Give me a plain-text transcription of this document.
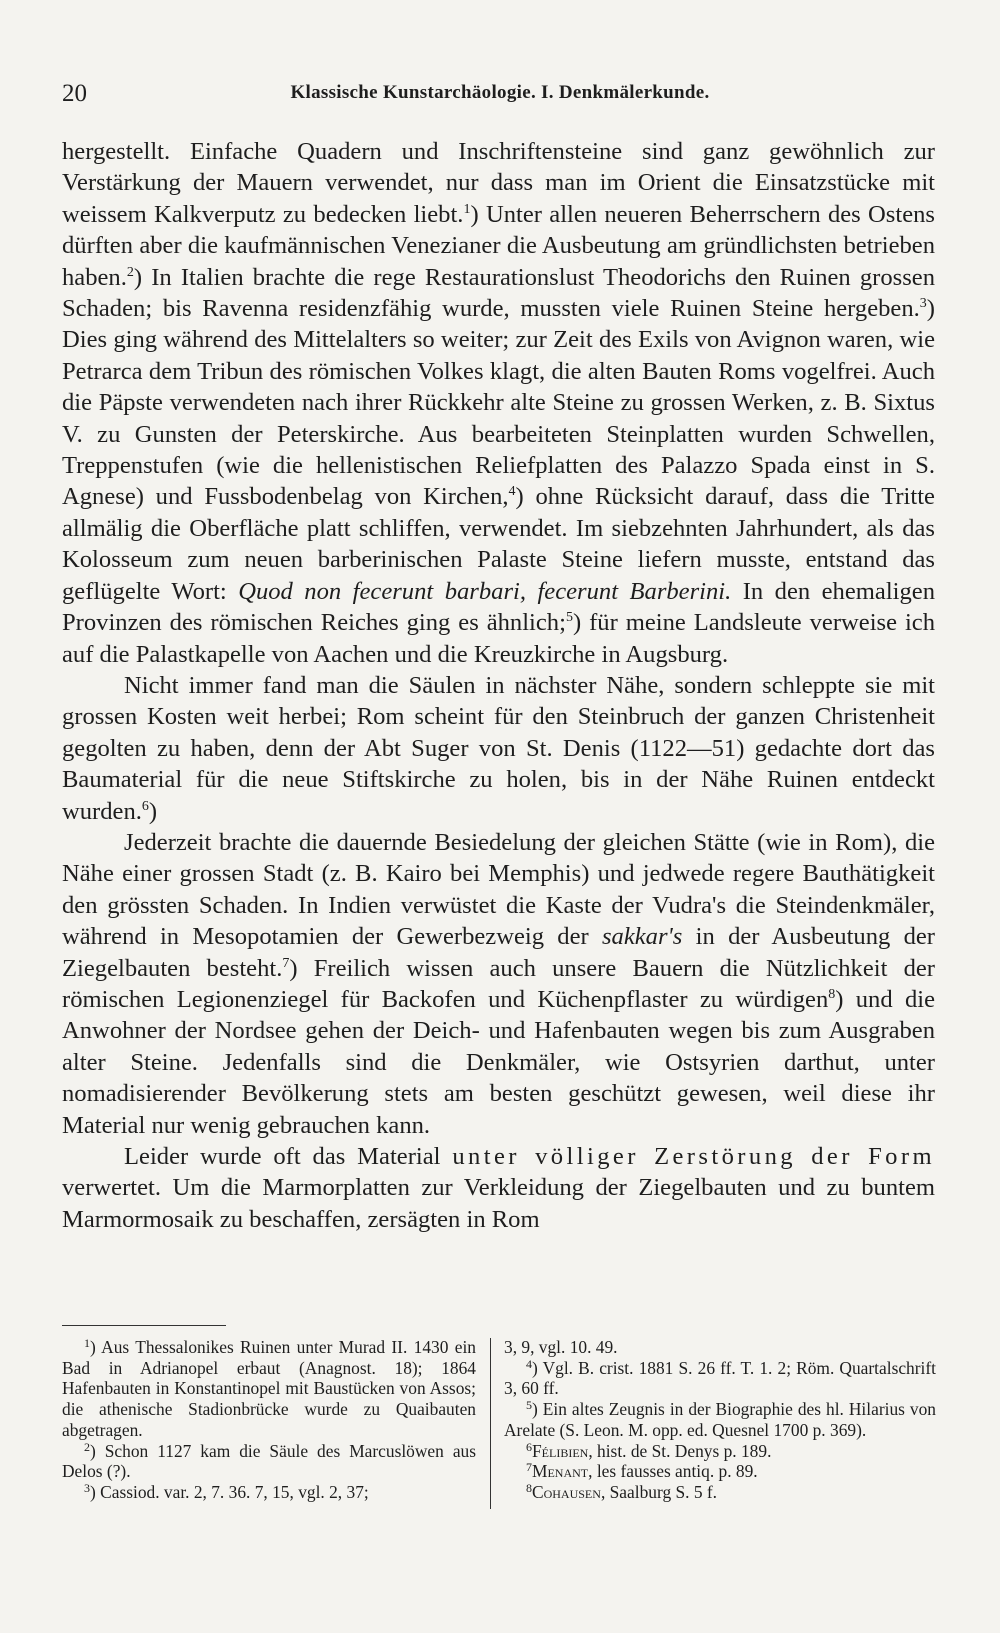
20	Klassische Kunstarchäologie. I. Denkmälerkunde.

hergestellt. Einfache Quadern und Inschriftensteine sind ganz gewöhnlich zur Verstärkung der Mauern verwendet, nur dass man im Orient die Einsatzstücke mit weissem Kalkverputz zu bedecken liebt.$^1$) Unter allen neueren Beherrschern des Ostens dürften aber die kaufmännischen Venezianer die Ausbeutung am gründlichsten betrieben haben.$^2$) In Italien brachte die rege Restaurationslust Theodorichs den Ruinen grossen Schaden; bis Ravenna residenzfähig wurde, mussten viele Ruinen Steine hergeben.$^3$) Dies ging während des Mittelalters so weiter; zur Zeit des Exils von Avignon waren, wie Petrarca dem Tribun des römischen Volkes klagt, die alten Bauten Roms vogelfrei. Auch die Päpste verwendeten nach ihrer Rückkehr alte Steine zu grossen Werken, z. B. Sixtus V. zu Gunsten der Peterskirche. Aus bearbeiteten Steinplatten wurden Schwellen, Treppenstufen (wie die hellenistischen Reliefplatten des Palazzo Spada einst in S. Agnese) und Fussbodenbelag von Kirchen,$^4$) ohne Rücksicht darauf, dass die Tritte allmälig die Oberfläche platt schliffen, verwendet. Im siebzehnten Jahrhundert, als das Kolosseum zum neuen barberinischen Palaste Steine liefern musste, entstand das geflügelte Wort: Quod non fecerunt barbari, fecerunt Barberini. In den ehemaligen Provinzen des römischen Reiches ging es ähnlich;$^5$) für meine Landsleute verweise ich auf die Palastkapelle von Aachen und die Kreuzkirche in Augsburg.

Nicht immer fand man die Säulen in nächster Nähe, sondern schleppte sie mit grossen Kosten weit herbei; Rom scheint für den Steinbruch der ganzen Christenheit gegolten zu haben, denn der Abt Suger von St. Denis (1122—51) gedachte dort das Baumaterial für die neue Stiftskirche zu holen, bis in der Nähe Ruinen entdeckt wurden.$^6$)

Jederzeit brachte die dauernde Besiedelung der gleichen Stätte (wie in Rom), die Nähe einer grossen Stadt (z. B. Kairo bei Memphis) und jedwede regere Bauthätigkeit den grössten Schaden. In Indien verwüstet die Kaste der Vudra's die Steindenkmäler, während in Mesopotamien der Gewerbezweig der sakkar's in der Ausbeutung der Ziegelbauten besteht.$^7$) Freilich wissen auch unsere Bauern die Nützlichkeit der römischen Legionenziegel für Backofen und Küchenpflaster zu würdigen$^8$) und die Anwohner der Nordsee gehen der Deich- und Hafenbauten wegen bis zum Ausgraben alter Steine. Jedenfalls sind die Denkmäler, wie Ostsyrien darthut, unter nomadisierender Bevölkerung stets am besten geschützt gewesen, weil diese ihr Material nur wenig gebrauchen kann.

Leider wurde oft das Material unter völliger Zerstörung der Form verwertet. Um die Marmorplatten zur Verkleidung der Ziegelbauten und zu buntem Marmormosaik zu beschaffen, zersägten in Rom

$^1$) Aus Thessalonikes Ruinen unter Murad II. 1430 ein Bad in Adrianopel erbaut (Anagnost. 18); 1864 Hafenbauten in Konstantinopel mit Baustücken von Assos; die athenische Stadionbrücke wurde zu Quaibauten abgetragen.

$^2$) Schon 1127 kam die Säule des Marcuslöwen aus Delos (?).

$^3$) Cassiod. var. 2, 7. 36. 7, 15, vgl. 2, 37;

3, 9, vgl. 10. 49.

$^4$) Vgl. B. crist. 1881 S. 26 ff. T. 1. 2; Röm. Quartalschrift 3, 60 ff.

$^5$) Ein altes Zeugnis in der Biographie des hl. Hilarius von Arelate (S. Leon. M. opp. ed. Quesnel 1700 p. 369).

$^6$Félibien, hist. de St. Denys p. 189.

$^7$Menant, les fausses antiq. p. 89.

$^8$Cohausen, Saalburg S. 5 f.
